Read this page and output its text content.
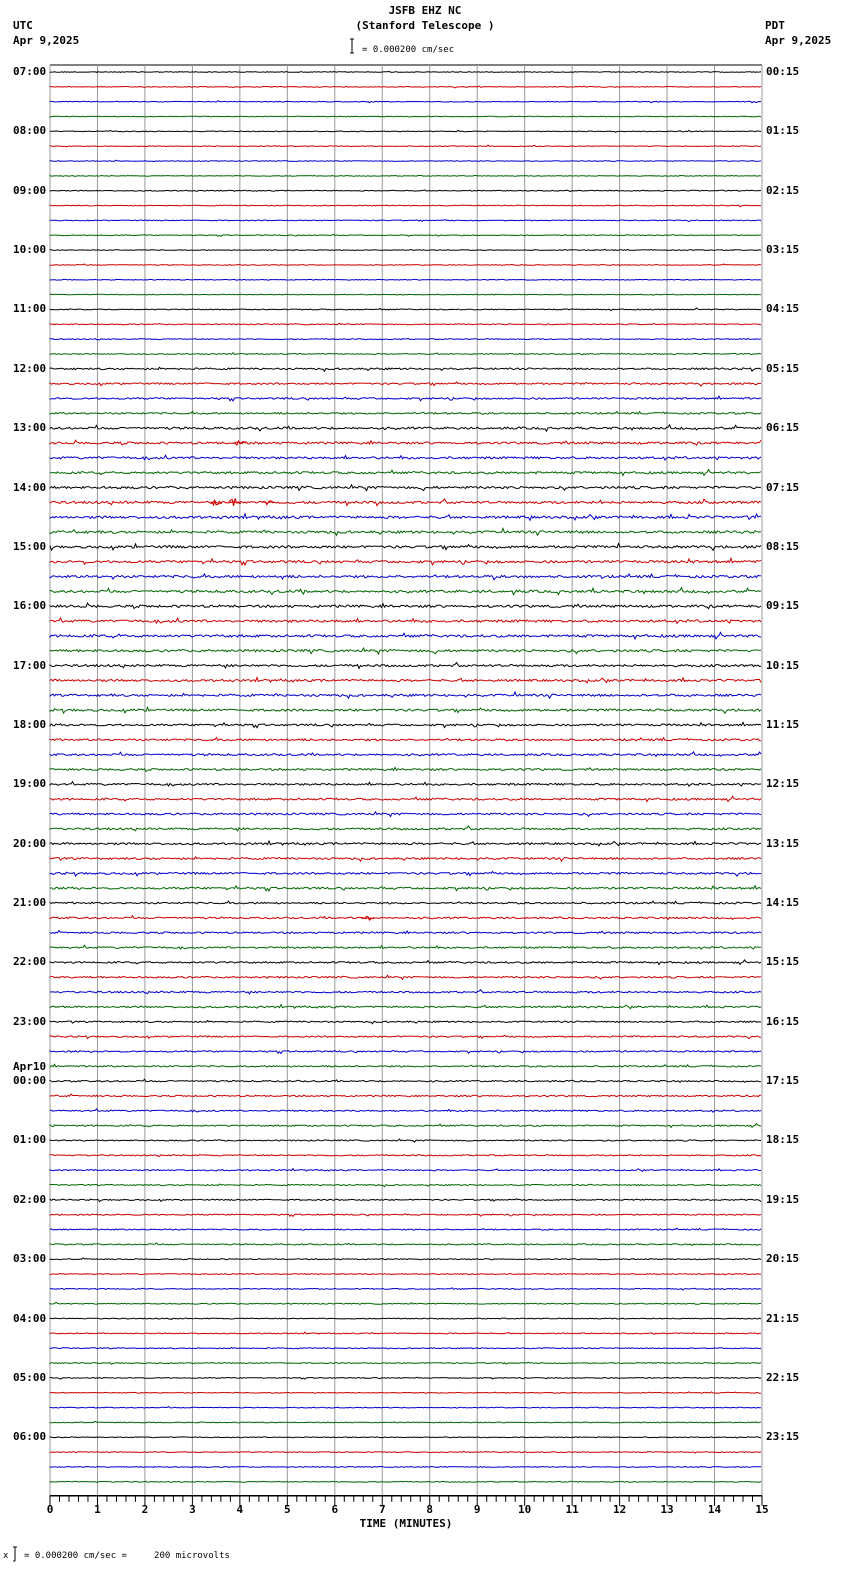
JSFB EHZ NC
(Stanford Telescope )
UTC
Apr 9,2025
PDT
Apr 9,2025
= 0.000200 cm/sec
x = 0.000200 cm/sec =     200 microvolts
0	1	2	3	4	5	6	7	8	9	10	11	12	13	14	15
TIME (MINUTES)
07:00	00:15
08:00	01:15
09:00	02:15
10:00	03:15
11:00	04:15
12:00	05:15
13:00	06:15
14:00	07:15
15:00	08:15
16:00	09:15
17:00	10:15
18:00	11:15
19:00	12:15
20:00	13:15
21:00	14:15
22:00	15:15
23:00	16:15
00:00	17:15
Apr10
01:00	18:15
02:00	19:15
03:00	20:15
04:00	21:15
05:00	22:15
06:00	23:15
